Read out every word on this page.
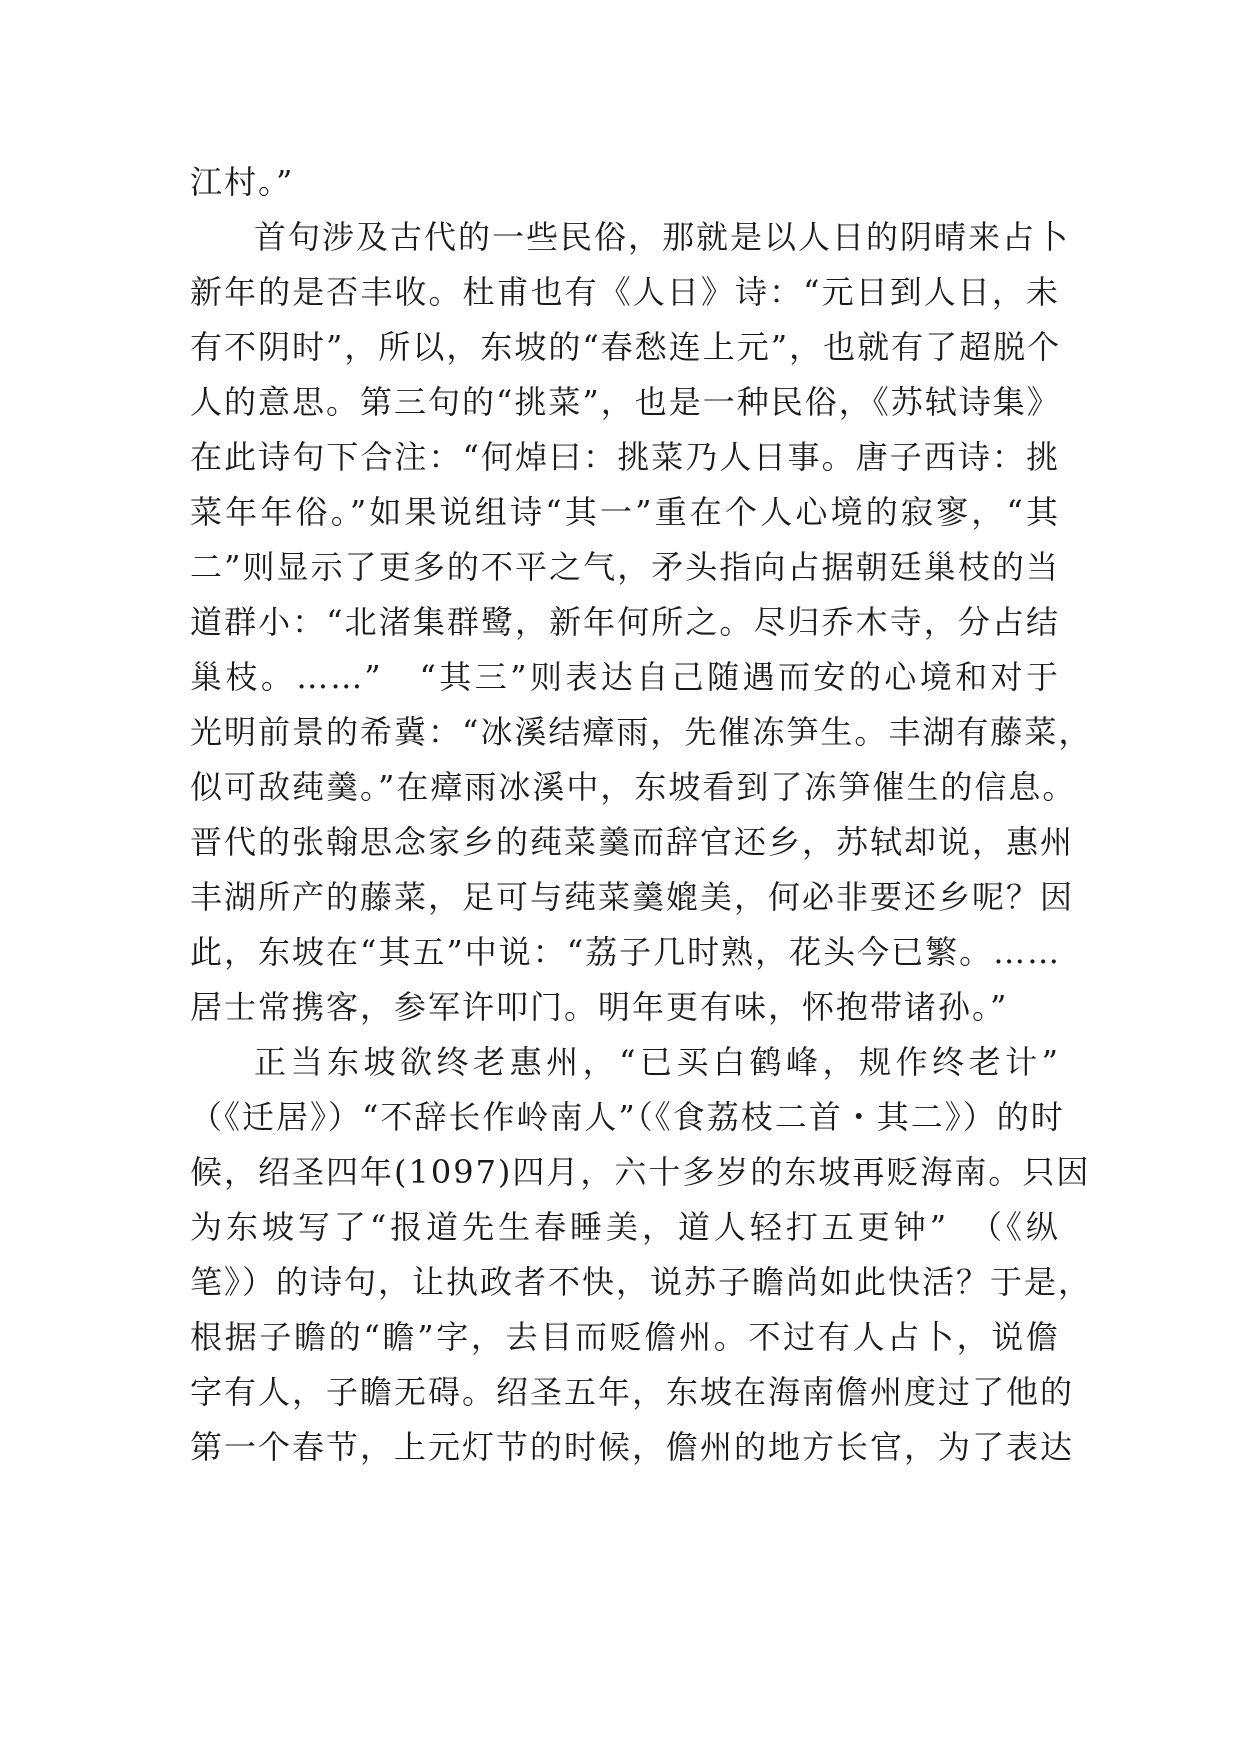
江村。”
首句涉及古代的一些民俗，那就是以人日的阴晴来占卜
新年的是否丰收。杜甫也有《人日》诗：“元日到人日，未
有不阴时”，所以，东坡的“春愁连上元”，也就有了超脱个
人的意思。第三句的“挑菜”，也是一种民俗，《苏轼诗集》
在此诗句下合注：“何焯曰：挑菜乃人日事。唐子西诗：挑
菜年年俗。”如果说组诗“其一”重在个人心境的寂寥，“其
二”则显示了更多的不平之气，矛头指向占据朝廷巢枝的当
道群小：“北渚集群鹭，新年何所之。尽归乔木寺，分占结
巢枝。……”　“其三”则表达自己随遇而安的心境和对于
光明前景的希冀：“冰溪结瘴雨，先催冻笋生。丰湖有藤菜，
似可敌莼羹。”在瘴雨冰溪中，东坡看到了冻笋催生的信息。
晋代的张翰思念家乡的莼菜羹而辞官还乡，苏轼却说，惠州
丰湖所产的藤菜，足可与莼菜羹媲美，何必非要还乡呢？因
此，东坡在“其五”中说：“荔子几时熟，花头今已繁。……
居士常携客，参军许叩门。明年更有味，怀抱带诸孙。”
正当东坡欲终老惠州，“已买白鹤峰，规作终老计”
（《迁居》）“不辞长作岭南人”（《食荔枝二首・其二》）的时
候，绍圣四年(1097)四月，六十多岁的东坡再贬海南。只因
为东坡写了“报道先生春睡美，道人轻打五更钟”　（《纵
笔》）的诗句，让执政者不快，说苏子瞻尚如此快活？于是，
根据子瞻的“瞻”字，去目而贬儋州。不过有人占卜，说儋
字有人，子瞻无碍。绍圣五年，东坡在海南儋州度过了他的
第一个春节，上元灯节的时候，儋州的地方长官，为了表达
